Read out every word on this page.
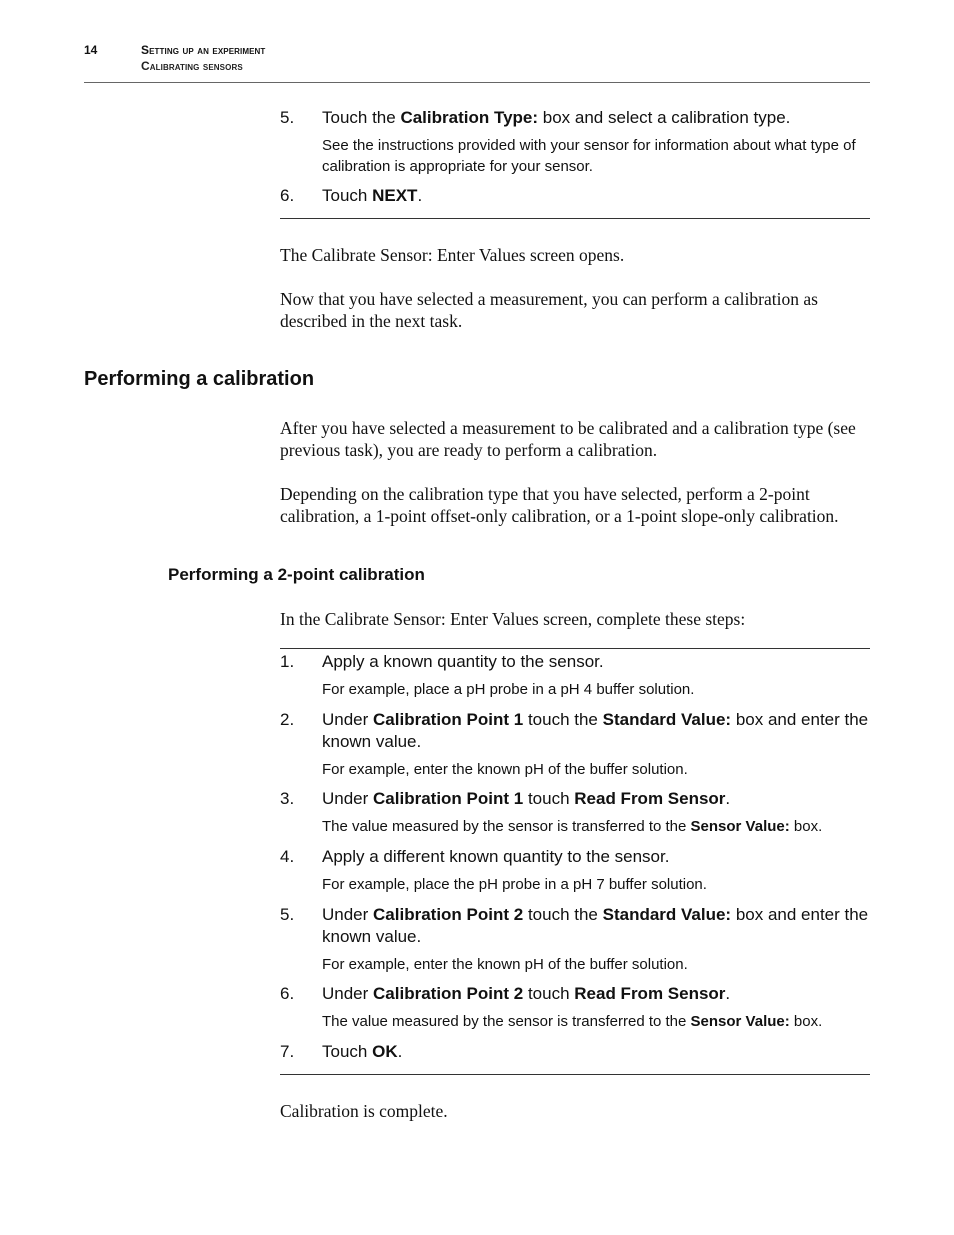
14	Setting up an experiment
Calibrating sensors
5. Touch the Calibration Type: box and select a calibration type.
See the instructions provided with your sensor for information about what type of calibration is appropriate for your sensor.
6. Touch NEXT.
The Calibrate Sensor: Enter Values screen opens.
Now that you have selected a measurement, you can perform a calibration as described in the next task.
Performing a calibration
After you have selected a measurement to be calibrated and a calibration type (see previous task), you are ready to perform a calibration.
Depending on the calibration type that you have selected, perform a 2-point calibration, a 1-point offset-only calibration, or a 1-point slope-only calibration.
Performing a 2-point calibration
In the Calibrate Sensor: Enter Values screen, complete these steps:
1. Apply a known quantity to the sensor.
For example, place a pH probe in a pH 4 buffer solution.
2. Under Calibration Point 1 touch the Standard Value: box and enter the known value.
For example, enter the known pH of the buffer solution.
3. Under Calibration Point 1 touch Read From Sensor.
The value measured by the sensor is transferred to the Sensor Value: box.
4. Apply a different known quantity to the sensor.
For example, place the pH probe in a pH 7 buffer solution.
5. Under Calibration Point 2 touch the Standard Value: box and enter the known value.
For example, enter the known pH of the buffer solution.
6. Under Calibration Point 2 touch Read From Sensor.
The value measured by the sensor is transferred to the Sensor Value: box.
7. Touch OK.
Calibration is complete.
